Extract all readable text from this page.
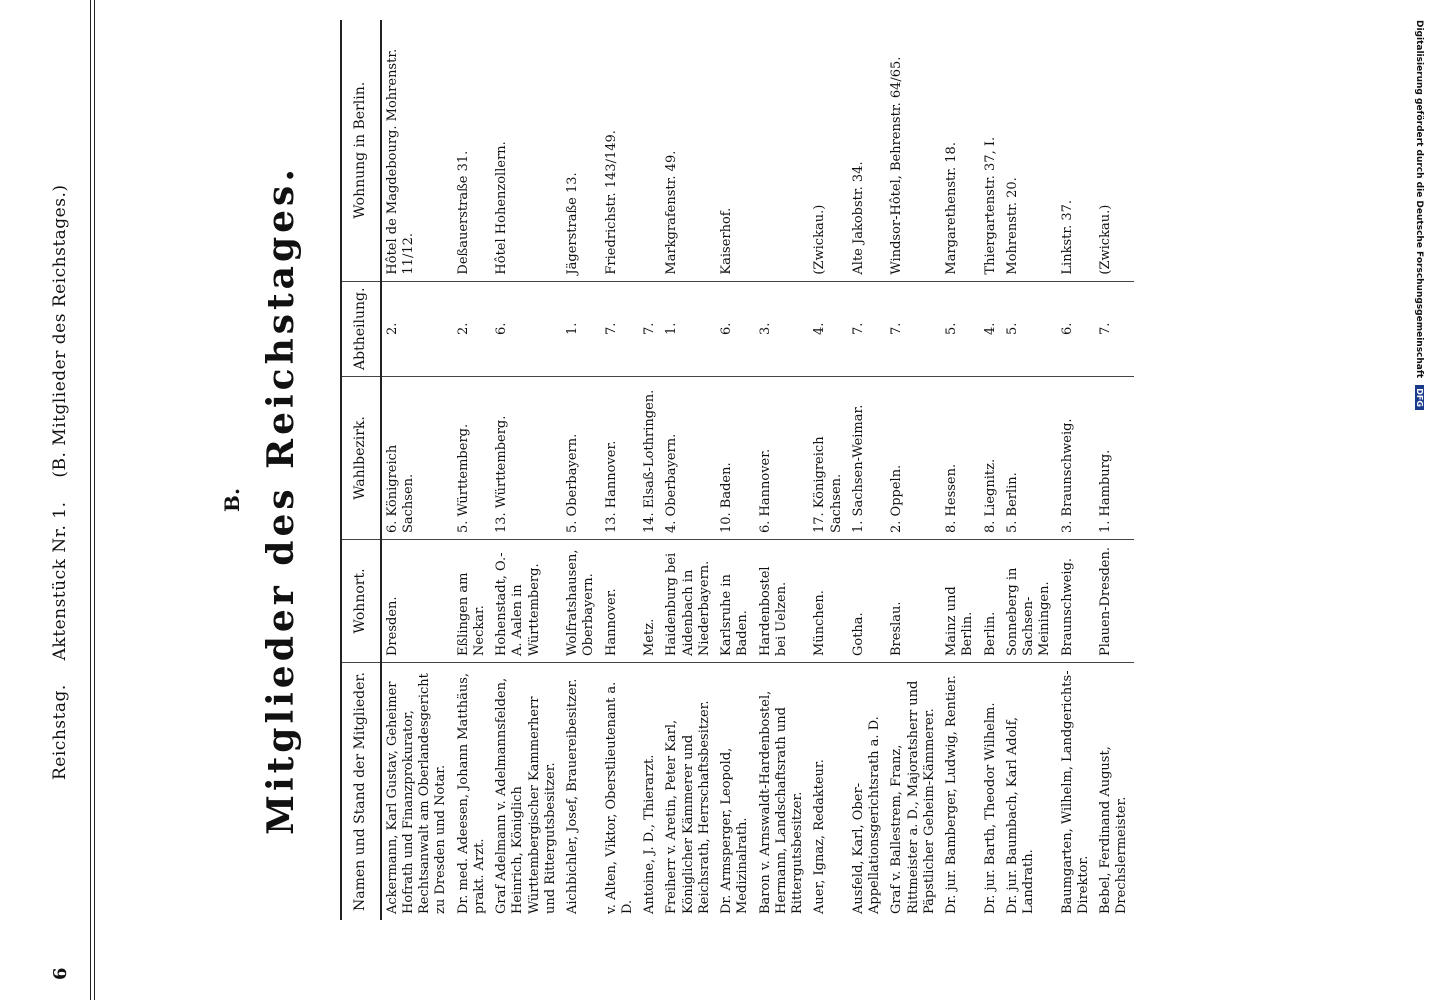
6
Reichstag. Aktenstück Nr. 1. (B. Mitglieder des Reichstages.)
B. Mitglieder des Reichstages.	Namen und Stand der Mitglieder.	Wohnort.	Wahlbezirk.	Abtheilung.	Wohnung in Berlin.
Ackermann, Karl Gustav, Geheimer Hofrath und Finanzprokurator, Rechtsanwalt am Oberlandesgericht zu Dresden und Notar.	Dresden.	6. Königreich Sachsen.	2.	Hôtel de Magdebourg. Mohrenstr. 11/12.
Dr. med. Adeesen, Johann Matthäus, prakt. Arzt.	Eßlingen am Neckar.	5. Württemberg.	2.	Deßauerstraße 31.
Graf Adelmann v. Adelmannsfelden, Heinrich, Königlich Württembergischer Kammerherr und Rittergutsbesitzer.	Hohenstadt, O.-A. Aalen in Württemberg.	13. Württemberg.	6.	Hôtel Hohenzollern.
Aichbichler, Josef, Brauereibesitzer.	Wolfratshausen, Oberbayern.	5. Oberbayern.	1.	Jägerstraße 13.
v. Alten, Viktor, Oberstlieutenant a. D.	Hannover.	13. Hannover.	7.	Friedrichstr. 143/149.
Antoine, J. D., Thierarzt.	Metz.	14. Elsaß-Lothringen.	7.	
Freiherr v. Aretin, Peter Karl, Königlicher Kämmerer und Reichsrath, Herrschaftsbesitzer.	Haidenburg bei Aidenbach in Niederbayern.	4. Oberbayern.	1.	Markgrafenstr. 49.
Dr. Armsperger, Leopold, Medizinalrath.	Karlsruhe in Baden.	10. Baden.	6.	Kaiserhof.
Baron v. Arnswaldt-Hardenbostel, Hermann, Landschaftsrath und Rittergutsbesitzer.	Hardenbostel bei Uelzen.	6. Hannover.	3.	
Auer, Ignaz, Redakteur.	München.	17. Königreich Sachsen.	4.	(Zwickau.)
Ausfeld, Karl, Ober-Appellationsgerichtsrath a. D.	Gotha.	1. Sachsen-Weimar.	7.	Alte Jakobstr. 34.
Graf v. Ballestrem, Franz, Rittmeister a. D., Majoratsherr und Päpstlicher Geheim-Kämmerer.	Breslau.	2. Oppeln.	7.	Windsor-Hôtel, Behrenstr. 64/65.
Dr. jur. Bamberger, Ludwig, Rentier.	Mainz und Berlin.	8. Hessen.	5.	Margarethenstr. 18.
Dr. jur. Barth, Theodor Wilhelm.	Berlin.	8. Liegnitz.	4.	Thiergartenstr. 37, I.
Dr. jur. Baumbach, Karl Adolf, Landrath.	Sonneberg in Sachsen-Meiningen.	5. Berlin.	5.	Mohrenstr. 20.
Baumgarten, Wilhelm, Landgerichts-Direktor.	Braunschweig.	3. Braunschweig.	6.	Linkstr. 37.
Bebel, Ferdinand August, Drechslermeister.	Plauen-Dresden.	1. Hamburg.	7.	(Zwickau.)	Digitalisierung gefördert durch die Deutsche Forschungsgemeinschaft DFG
